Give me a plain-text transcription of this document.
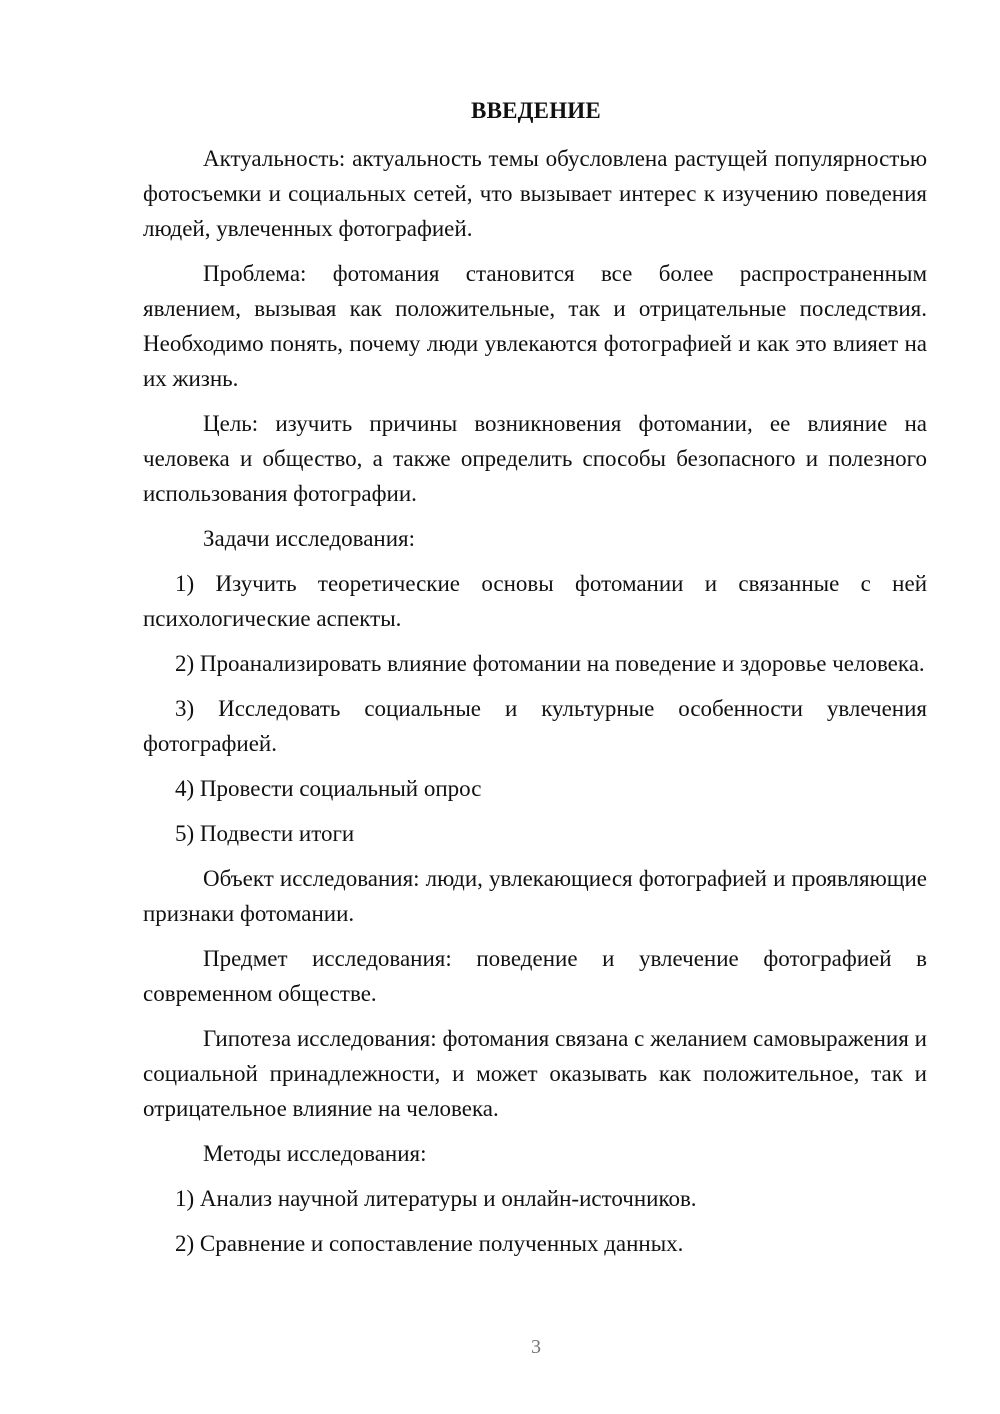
ВВЕДЕНИЕ

Актуальность: актуальность темы обусловлена растущей популярностью фотосъемки и социальных сетей, что вызывает интерес к изучению поведения людей, увлеченных фотографией.

Проблема: фотомания становится все более распространенным явлением, вызывая как положительные, так и отрицательные последствия. Необходимо понять, почему люди увлекаются фотографией и как это влияет на их жизнь.

Цель: изучить причины возникновения фотомании, ее влияние на человека и общество, а также определить способы безопасного и полезного использования фотографии.

Задачи исследования:

1) Изучить теоретические основы фотомании и связанные с ней психологические аспекты.

2) Проанализировать влияние фотомании на поведение и здоровье человека.

3) Исследовать социальные и культурные особенности увлечения фотографией.

4) Провести социальный опрос

5) Подвести итоги

Объект исследования: люди, увлекающиеся фотографией и проявляющие признаки фотомании.

Предмет исследования: поведение и увлечение фотографией в современном обществе.

Гипотеза исследования: фотомания связана с желанием самовыражения и социальной принадлежности, и может оказывать как положительное, так и отрицательное влияние на человека.

Методы исследования:

1) Анализ научной литературы и онлайн-источников.

2) Сравнение и сопоставление полученных данных.

3
